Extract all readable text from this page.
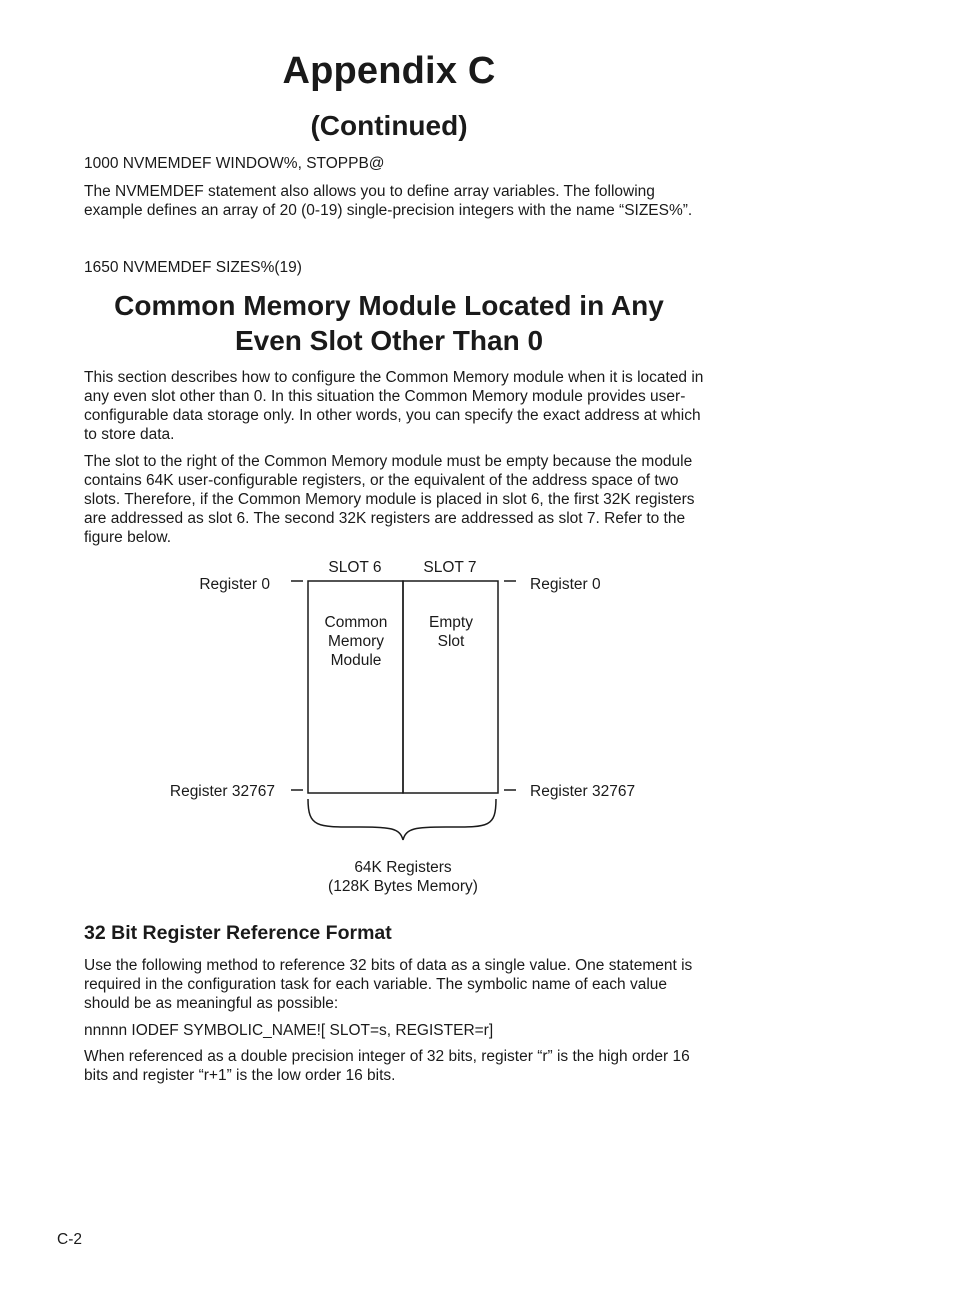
Appendix C
(Continued)

1000 NVMEMDEF WINDOW%, STOPPB@

The NVMEMDEF statement also allows you to define array variables. The following example defines an array of 20 (0-19) single-precision integers with the name “SIZES%”.

1650 NVMEMDEF SIZES%(19)

Common Memory Module Located in Any
Even Slot Other Than 0

This section describes how to configure the Common Memory module when it is located in any even slot other than 0. In this situation the Common Memory module provides user-configurable data storage only. In other words, you can specify the exact address at which to store data.

The slot to the right of the Common Memory module must be empty because the module contains 64K user-configurable registers, or the equivalent of the address space of two slots. Therefore, if the Common Memory module is placed in slot 6, the first 32K registers are addressed as slot 6. The second 32K registers are addressed as slot 7. Refer to the figure below.

SLOT 6	SLOT 7
Register 0	Register 0
Register 32767	Register 32767
Common
Memory
Module
Empty
Slot
64K Registers
(128K Bytes Memory)
32 Bit Register Reference Format

Use the following method to reference 32 bits of data as a single value. One statement is required in the configuration task for each variable. The symbolic name of each value should be as meaningful as possible:

nnnnn IODEF SYMBOLIC_NAME![ SLOT=s, REGISTER=r]

When referenced as a double precision integer of 32 bits, register “r” is the high order 16 bits and register “r+1” is the low order 16 bits.

C-2
